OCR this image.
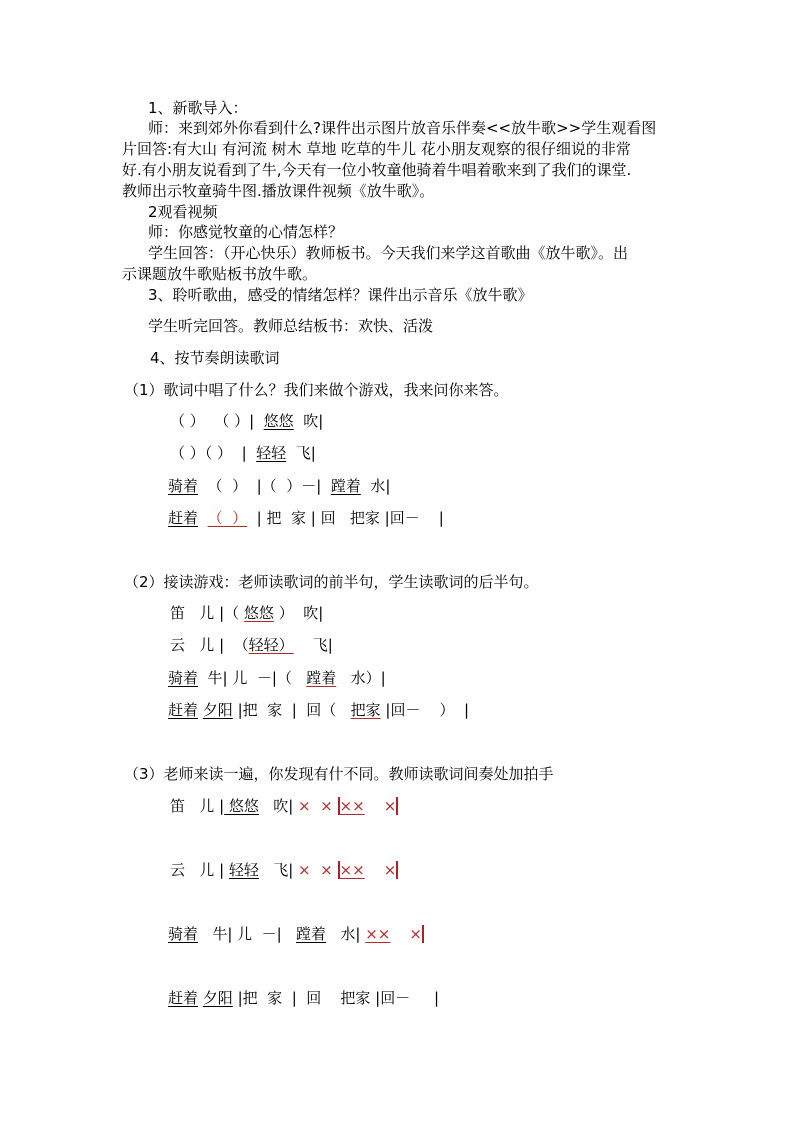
1、新歌导入：
师：来到郊外你看到什么?课件出示图片放音乐伴奏<<放牛歌>>学生观看图
片回答:有大山 有河流 树木 草地 吃草的牛儿 花小朋友观察的很仔细说的非常
好.有小朋友说看到了牛,今天有一位小牧童他骑着牛唱着歌来到了我们的课堂.
教师出示牧童骑牛图.播放课件视频《放牛歌》。
2观看视频
师：你感觉牧童的心情怎样？
学生回答：（开心快乐）教师板书。今天我们来学这首歌曲《放牛歌》。出
示课题放牛歌贴板书放牛歌。
3、聆听歌曲，感受的情绪怎样？课件出示音乐《放牛歌》
学生听完回答。教师总结板书：欢快、活泼
4、按节奏朗读歌词
（1）歌词中唱了什么？我们来做个游戏，我来问你来答。
（ ）  （ ）|  悠悠  吹|
（ ）（ ）  |  轻轻  飞|
骑着  （  ）  |（  ）－|  蹚着  水|
赶着 （  ）  | 把  家 | 回   把家 |回－    |
（2）接读游戏：老师读歌词的前半句，学生读歌词的后半句。
笛   儿 |（ 悠悠 ）  吹|
云   儿 |  （轻轻）    飞|
骑着  牛| 儿  －|（   蹚着   水）|
赶着 夕阳 |把  家  |  回（   把家 |回－    ）  |
（3）老师来读一遍，你发现有什不同。教师读歌词间奏处加拍手
笛   儿 | 悠悠   吹| ×  × ××    ×
云   儿 | 轻轻   飞| ×  × ××    ×
骑着   牛| 儿  －|   蹚着   水| ××    ×
赶着 夕阳 |把  家  |  回    把家 |回－     |
